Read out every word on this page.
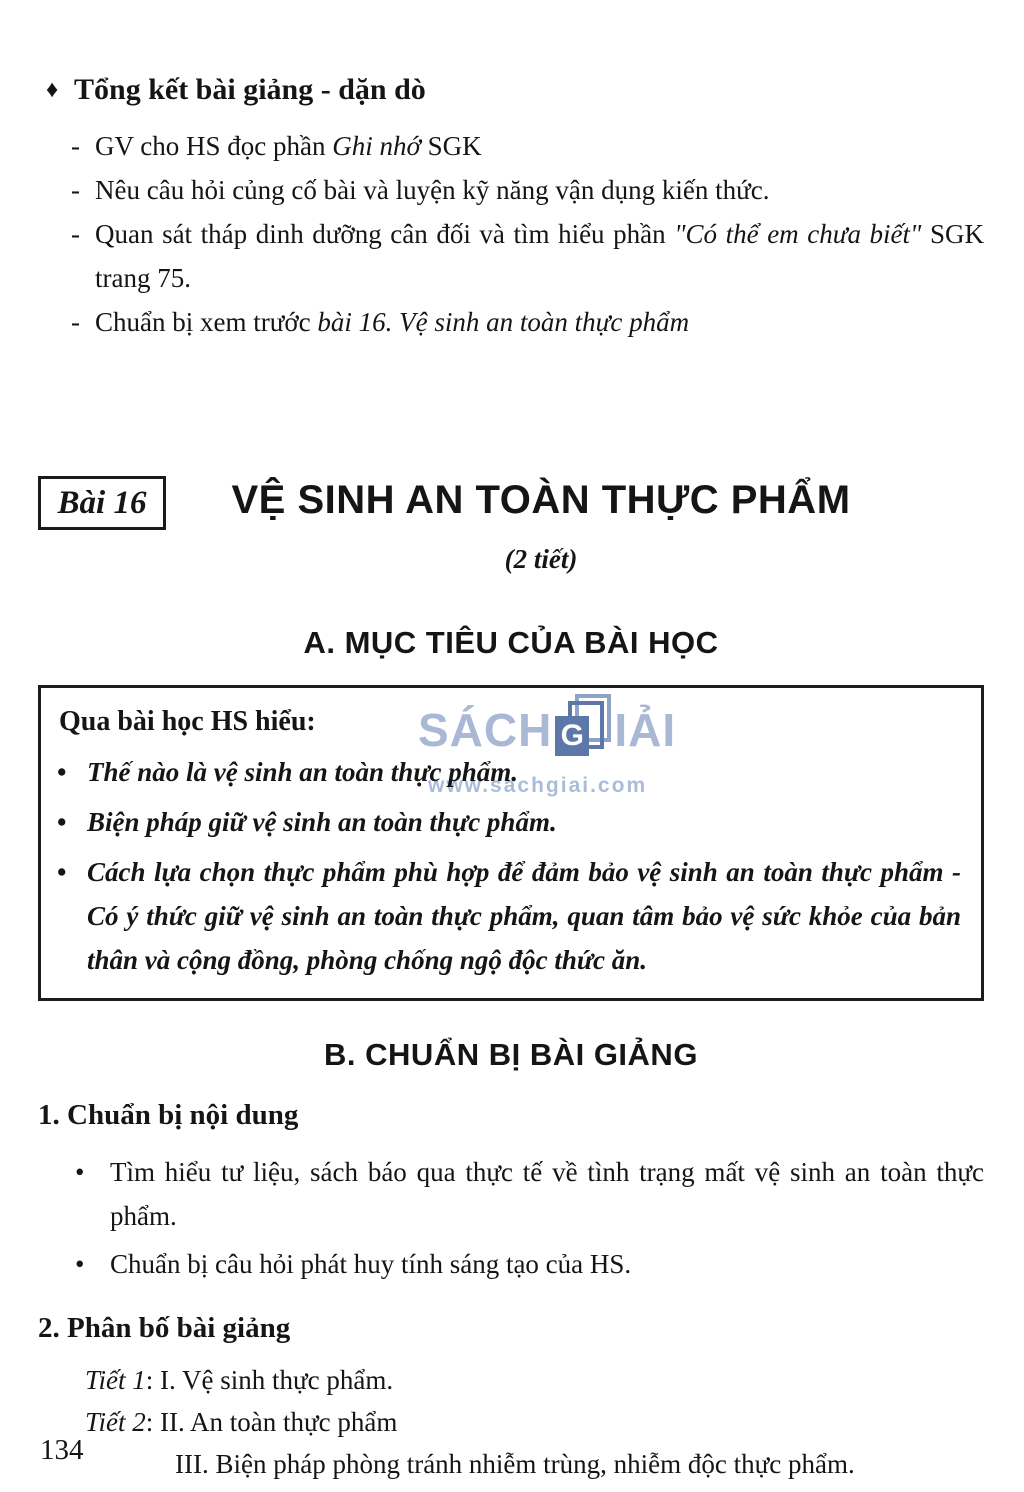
SÁCH G IẢI
www.sachgiai.com
♦ Tổng kết bài giảng - dặn dò
- GV cho HS đọc phần Ghi nhớ SGK
- Nêu câu hỏi củng cố bài và luyện kỹ năng vận dụng kiến thức.
- Quan sát tháp dinh dưỡng cân đối và tìm hiểu phần "Có thể em chưa biết" SGK trang 75.
- Chuẩn bị xem trước bài 16. Vệ sinh an toàn thực phẩm
Bài 16	VỆ SINH AN TOÀN THỰC PHẨM
(2 tiết)
A. MỤC TIÊU CỦA BÀI HỌC
Qua bài học HS hiểu:
• Thế nào là vệ sinh an toàn thực phẩm.
• Biện pháp giữ vệ sinh an toàn thực phẩm.
• Cách lựa chọn thực phẩm phù hợp để đảm bảo vệ sinh an toàn thực phẩm - Có ý thức giữ vệ sinh an toàn thực phẩm, quan tâm bảo vệ sức khỏe của bản thân và cộng đồng, phòng chống ngộ độc thức ăn.
B. CHUẨN BỊ BÀI GIẢNG
1. Chuẩn bị nội dung
• Tìm hiểu tư liệu, sách báo qua thực tế về tình trạng mất vệ sinh an toàn thực phẩm.
• Chuẩn bị câu hỏi phát huy tính sáng tạo của HS.
2. Phân bố bài giảng
Tiết 1: I. Vệ sinh thực phẩm.
Tiết 2: II. An toàn thực phẩm
III. Biện pháp phòng tránh nhiễm trùng, nhiễm độc thực phẩm.
134
